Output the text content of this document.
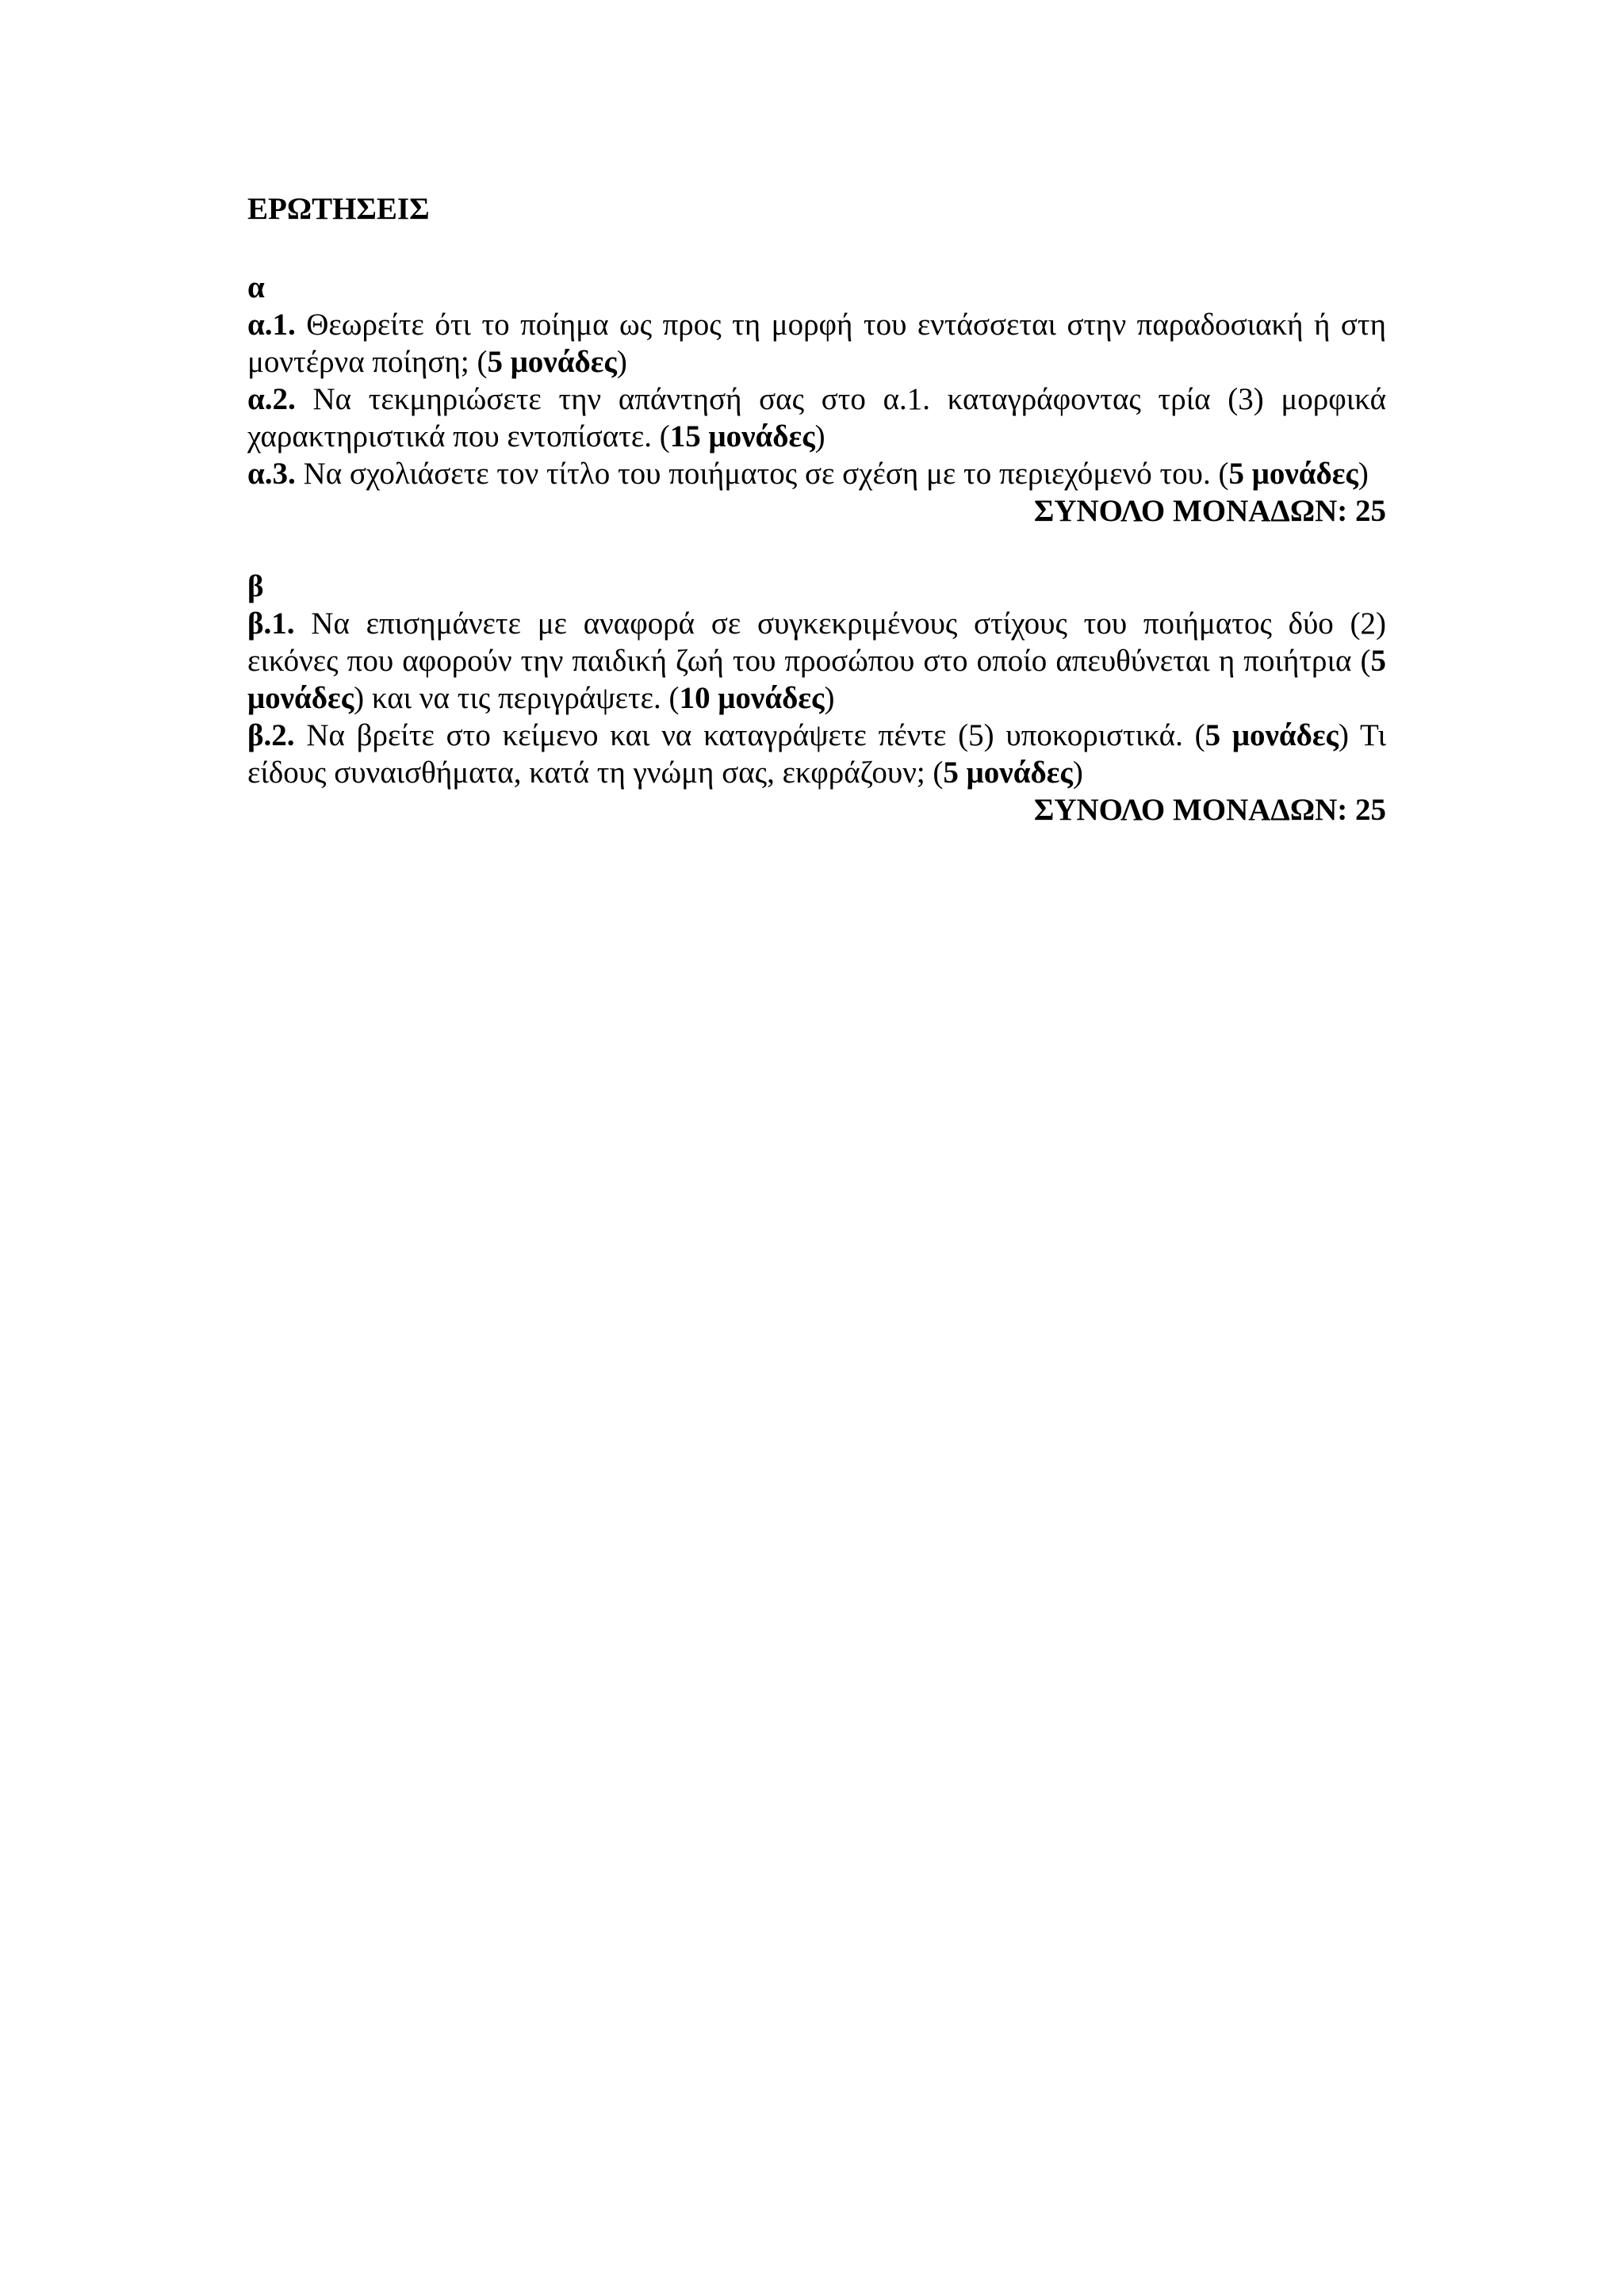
ΕΡΩΤΗΣΕΙΣ

α

α.1. Θεωρείτε ότι το ποίημα ως προς τη μορφή του εντάσσεται στην παραδοσιακή ή στη μοντέρνα ποίηση; (5 μονάδες)

α.2. Να τεκμηριώσετε την απάντησή σας στο α.1. καταγράφοντας τρία (3) μορφικά χαρακτηριστικά που εντοπίσατε. (15 μονάδες)

α.3. Να σχολιάσετε τον τίτλο του ποιήματος σε σχέση με το περιεχόμενό του. (5 μονάδες)

ΣΥΝΟΛΟ ΜΟΝΑΔΩΝ: 25

β

β.1. Να επισημάνετε με αναφορά σε συγκεκριμένους στίχους του ποιήματος δύο (2) εικόνες που αφορούν την παιδική ζωή του προσώπου στο οποίο απευθύνεται η ποιήτρια (5 μονάδες) και να τις περιγράψετε. (10 μονάδες)

β.2. Να βρείτε στο κείμενο και να καταγράψετε πέντε (5) υποκοριστικά. (5 μονάδες) Τι είδους συναισθήματα, κατά τη γνώμη σας, εκφράζουν; (5 μονάδες)

ΣΥΝΟΛΟ ΜΟΝΑΔΩΝ: 25
